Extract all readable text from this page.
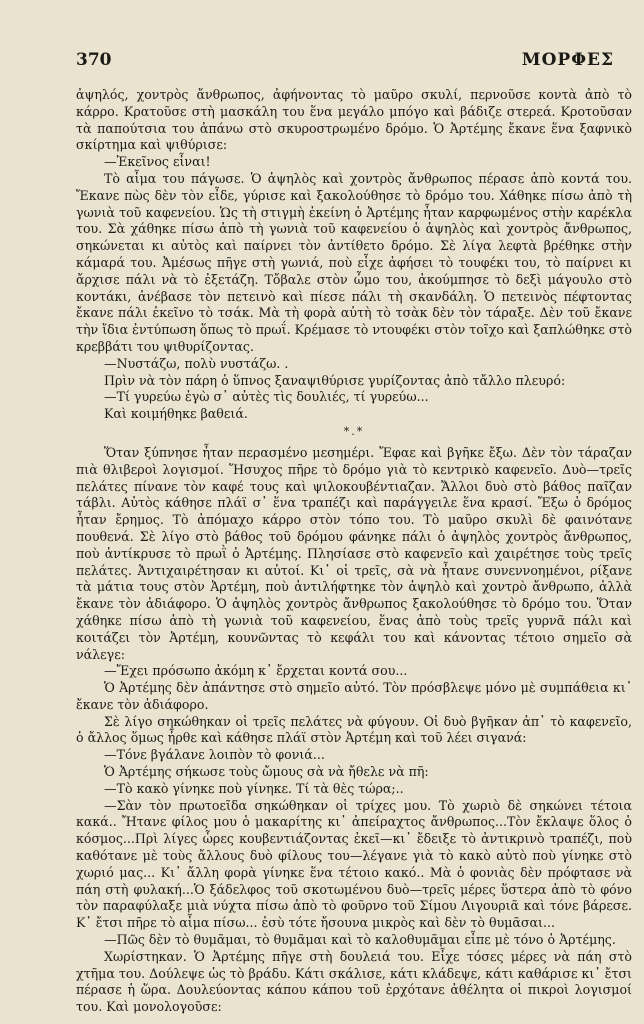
370	ΜΟΡΦΕΣ

ἀψηλός, χοντρὸς ἄνθρωπος, ἀφήνοντας τὸ μαῦρο σκυλί, περνοῦσε κοντὰ ἀπὸ τὸ κάρρο. Κρατοῦσε στὴ μασκάλη του ἕνα μεγάλο μπόγο καὶ βάδιζε στερεά. Κροτοῦσαν τὰ παπούτσια του ἀπάνω στὸ σκυροστρωμένο δρόμο. Ὁ Ἀρτέμης ἔκανε ἕνα ξαφνικὸ σκίρτημα καὶ ψιθύρισε:

—Ἐκεῖνος εἶναι!

Τὸ αἷμα του πάγωσε. Ὁ ἀψηλὸς καὶ χοντρὸς ἄνθρωπος πέρασε ἀπὸ κοντά του. Ἔκανε πὼς δὲν τὸν εἶδε, γύρισε καὶ ξακολούθησε τὸ δρόμο του. Χάθηκε πίσω ἀπὸ τὴ γωνιὰ τοῦ καφενείου. Ὡς τὴ στιγμὴ ἐκείνη ὁ Ἀρτέμης ἦταν καρφωμένος στὴν καρέκλα του. Σὰ χάθηκε πίσω ἀπὸ τὴ γωνιὰ τοῦ καφενείου ὁ ἀψηλὸς καὶ χοντρὸς ἄνθρωπος, σηκώνεται κι αὐτὸς καὶ παίρνει τὸν ἀντίθετο δρόμο. Σὲ λίγα λεφτὰ βρέθηκε στὴν κάμαρά του. Ἀμέσως πῆγε στὴ γωνιά, ποὺ εἶχε ἀφήσει τὸ τουφέκι του, τὸ παίρνει κι ἄρχισε πάλι νὰ τὸ ἐξετάζη. Τὄβαλε στὸν ὦμο του, ἀκούμπησε τὸ δεξὶ μάγουλο στὸ κοντάκι, ἀνέβασε τὸν πετεινὸ καὶ πίεσε πάλι τὴ σκανδάλη. Ὁ πετεινὸς πέφτοντας ἔκανε πάλι ἐκεῖνο τὸ τσάκ. Μὰ τὴ φορὰ αὐτὴ τὸ τσὰκ δὲν τὸν τάραξε. Δὲν τοῦ ἔκανε τὴν ἴδια ἐντύπωση ὅπως τὸ πρωΐ. Κρέμασε τὸ ντουφέκι στὸν τοῖχο καὶ ξαπλώθηκε στὸ κρεββάτι του ψιθυρίζοντας.

—Νυστάζω, πολὺ νυστάζω. .

Πρὶν νὰ τὸν πάρη ὁ ὕπνος ξαναψιθύρισε γυρίζοντας ἀπὸ τἄλλο πλευρό:

—Τί γυρεύω ἐγὼ σ᾿ αὐτὲς τὶς δουλιές, τί γυρεύω...

Καὶ κοιμήθηκε βαθειά.

*.*

Ὅταν ξύπνησε ἦταν περασμένο μεσημέρι. Ἔφαε καὶ βγῆκε ἔξω. Δὲν τὸν τάραζαν πιὰ θλιβεροὶ λογισμοί. Ἥσυχος πῆρε τὸ δρόμο γιὰ τὸ κεντρικὸ καφενεῖο. Δυὸ—τρεῖς πελάτες πίνανε τὸν καφέ τους καὶ ψιλοκουβέντιαζαν. Ἄλλοι δυὸ στὸ βάθος παῖζαν τάβλι. Αὐτὸς κάθησε πλάϊ σ᾿ ἕνα τραπέζι καὶ παράγγειλε ἕνα κρασί. Ἔξω ὁ δρόμος ἦταν ἔρημος. Τὸ ἀπόμαχο κάρρο στὸν τόπο του. Τὸ μαῦρο σκυλὶ δὲ φαινότανε πουθενά. Σὲ λίγο στὸ βάθος τοῦ δρόμου φάνηκε πάλι ὁ ἀψηλὸς χοντρὸς ἄνθρωπος, ποὺ ἀντίκρυσε τὸ πρωῒ ὁ Ἀρτέμης. Πλησίασε στὸ καφενεῖο καὶ χαιρέτησε τοὺς τρεῖς πελάτες. Ἀντιχαιρέτησαν κι αὐτοί. Κι᾿ οἱ τρεῖς, σὰ νὰ ἦτανε συνεννοημένοι, ρίξανε τὰ μάτια τους στὸν Ἀρτέμη, ποὺ ἀντιλήφτηκε τὸν ἀψηλὸ καὶ χοντρὸ ἄνθρωπο, ἀλλὰ ἔκανε τὸν ἀδιάφορο. Ὁ ἀψηλὸς χοντρὸς ἄνθρωπος ξακολούθησε τὸ δρόμο του. Ὅταν χάθηκε πίσω ἀπὸ τὴ γωνιὰ τοῦ καφενείου, ἕνας ἀπὸ τοὺς τρεῖς γυρνᾶ πάλι καὶ κοιτάζει τὸν Ἀρτέμη, κουνῶντας τὸ κεφάλι του καὶ κάνοντας τέτοιο σημεῖο σὰ νάλεγε:

—Ἔχει πρόσωπο ἀκόμη κ᾿ ἔρχεται κοντά σου...

Ὁ Ἀρτέμης δὲν ἀπάντησε στὸ σημεῖο αὐτό. Τὸν πρόσβλεψε μόνο μὲ συμπάθεια κι᾿ ἔκανε τὸν ἀδιάφορο.

Σὲ λίγο σηκώθηκαν οἱ τρεῖς πελάτες νὰ φύγουν. Οἱ δυὸ βγῆκαν ἀπ᾿ τὸ καφενεῖο, ὁ ἄλλος ὅμως ἦρθε καὶ κάθησε πλάϊ στὸν Ἀρτέμη καὶ τοῦ λέει σιγανά:

—Τόνε βγάλανε λοιπὸν τὸ φονιά...

Ὁ Ἀρτέμης σήκωσε τοὺς ὤμους σὰ νὰ ἤθελε νὰ πῆ:

—Τὸ κακὸ γίνηκε ποὺ γίνηκε. Τί τὰ θὲς τώρα;..

—Σὰν τὸν πρωτοεῖδα σηκώθηκαν οἱ τρίχες μου. Τὸ χωριὸ δὲ σηκώνει τέτοια κακά.. Ἤτανε φίλος μου ὁ μακαρίτης κι᾿ ἀπείραχτος ἄνθρωπος...Τὸν ἔκλαψε ὅλος ὁ κόσμος...Πρὶ λίγες ὧρες κουβεντιάζοντας ἐκεῖ—κι᾿ ἔδειξε τὸ ἀντικρινὸ τραπέζι, ποὺ καθότανε μὲ τοὺς ἄλλους δυὸ φίλους του—λέγανε γιὰ τὸ κακὸ αὐτὸ ποὺ γίνηκε στὸ χωριό μας... Κι᾿ ἄλλη φορὰ γίνηκε ἕνα τέτοιο κακό.. Μὰ ὁ φονιὰς δὲν πρόφτασε νὰ πάη στὴ φυλακή...Ὁ ξάδελφος τοῦ σκοτωμένου δυὸ—τρεῖς μέρες ὕστερα ἀπὸ τὸ φόνο τὸν παραφύλαξε μιὰ νύχτα πίσω ἀπὸ τὸ φοῦρνο τοῦ Σίμου Λιγουριᾶ καὶ τόνε βάρεσε. Κ᾿ ἔτσι πῆρε τὸ αἷμα πίσω... ἐσὺ τότε ἤσουνα μικρὸς καὶ δὲν τὸ θυμᾶσαι...

—Πῶς δὲν τὸ θυμᾶμαι, τὸ θυμᾶμαι καὶ τὸ καλοθυμᾶμαι εἶπε μὲ τόνο ὁ Ἀρτέμης.

Χωρίστηκαν. Ὁ Ἀρτέμης πῆγε στὴ δουλειά του. Εἶχε τόσες μέρες νὰ πάη στὸ χτῆμα του. Δούλεψε ὡς τὸ βράδυ. Κάτι σκάλισε, κάτι κλάδεψε, κάτι καθάρισε κι᾿ ἔτσι πέρασε ἡ ὥρα. Δουλεύοντας κάπου κάπου τοῦ ἐρχότανε ἀθέλητα οἱ πικροὶ λογισμοί του. Καὶ μονολογοῦσε:
